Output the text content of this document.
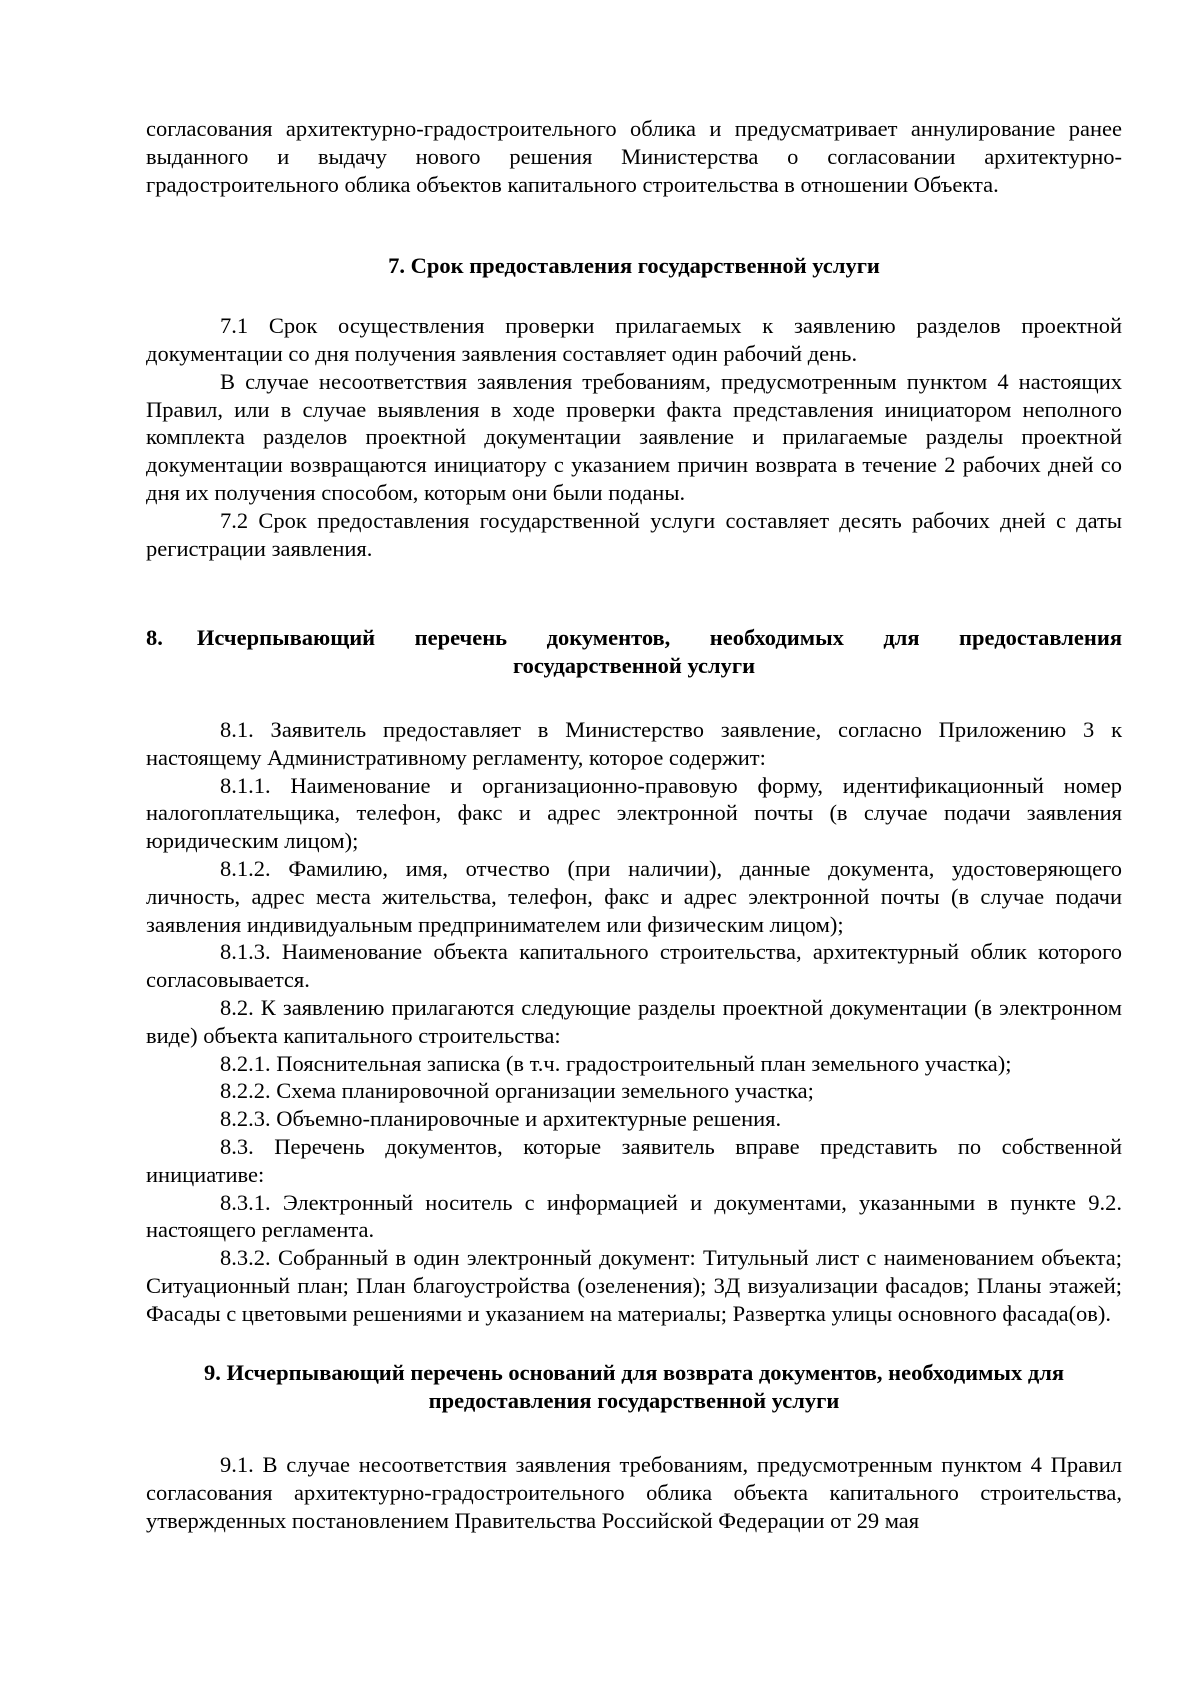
согласования архитектурно-градостроительного облика и предусматривает аннулирование ранее выданного и выдачу нового решения Министерства о согласовании архитектурно-градостроительного облика объектов капитального строительства в отношении Объекта.

7. Срок предоставления государственной услуги

7.1 Срок осуществления проверки прилагаемых к заявлению разделов проектной документации со дня получения заявления составляет один рабочий день.

В случае несоответствия заявления требованиям, предусмотренным пунктом 4 настоящих Правил, или в случае выявления в ходе проверки факта представления инициатором неполного комплекта разделов проектной документации заявление и прилагаемые разделы проектной документации возвращаются инициатору с указанием причин возврата в течение 2 рабочих дней со дня их получения способом, которым они были поданы.

7.2 Срок предоставления государственной услуги составляет десять рабочих дней с даты регистрации заявления.

8. Исчерпывающий перечень документов, необходимых для предоставления государственной услуги

8.1. Заявитель предоставляет в Министерство заявление, согласно Приложению 3 к настоящему Административному регламенту, которое содержит:

8.1.1. Наименование и организационно-правовую форму, идентификационный номер налогоплательщика, телефон, факс и адрес электронной почты (в случае подачи заявления юридическим лицом);

8.1.2. Фамилию, имя, отчество (при наличии), данные документа, удостоверяющего личность, адрес места жительства, телефон, факс и адрес электронной почты (в случае подачи заявления индивидуальным предпринимателем или физическим лицом);

8.1.3. Наименование объекта капитального строительства, архитектурный облик которого согласовывается.

8.2. К заявлению прилагаются следующие разделы проектной документации (в электронном виде) объекта капитального строительства:

8.2.1. Пояснительная записка (в т.ч. градостроительный план земельного участка);

8.2.2. Схема планировочной организации земельного участка;

8.2.3. Объемно-планировочные и архитектурные решения.

8.3. Перечень документов, которые заявитель вправе представить по собственной инициативе:

8.3.1. Электронный носитель с информацией и документами, указанными в пункте 9.2. настоящего регламента.

8.3.2. Собранный в один электронный документ: Титульный лист с наименованием объекта; Ситуационный план; План благоустройства (озеленения); 3Д визуализации фасадов; Планы этажей; Фасады с цветовыми решениями и указанием на материалы; Развертка улицы основного фасада(ов).

9. Исчерпывающий перечень оснований для возврата документов, необходимых для предоставления государственной услуги

9.1. В случае несоответствия заявления требованиям, предусмотренным пунктом 4 Правил согласования архитектурно-градостроительного облика объекта капитального строительства, утвержденных постановлением Правительства Российской Федерации от 29 мая
